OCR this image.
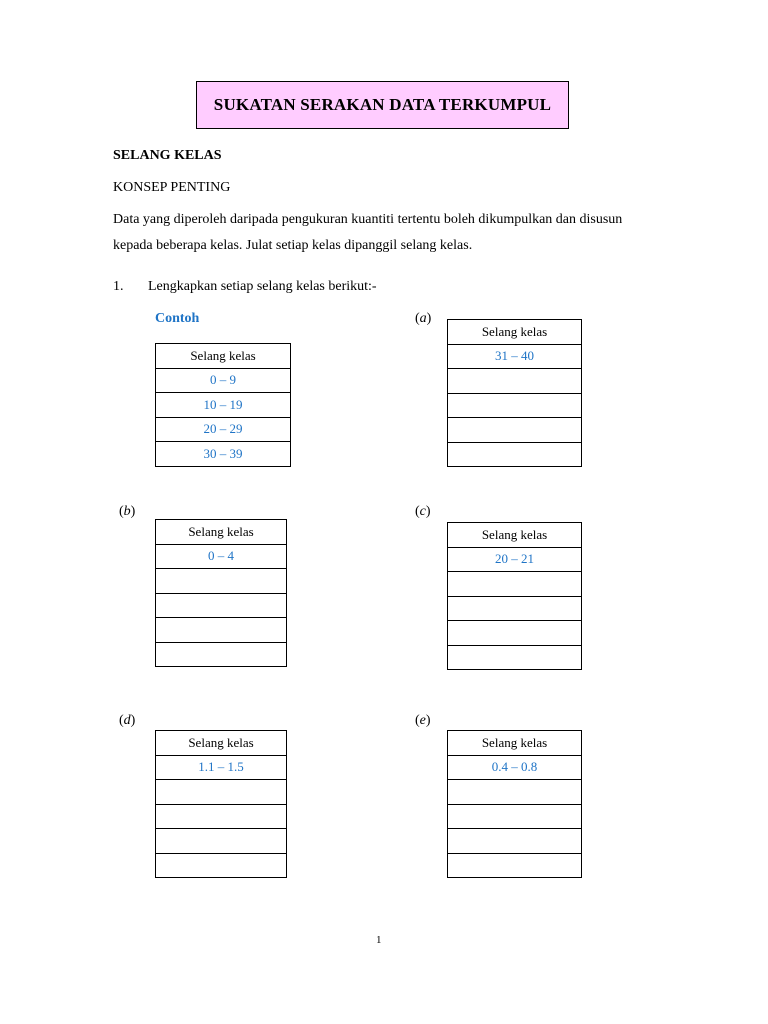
SUKATAN SERAKAN DATA TERKUMPUL
SELANG KELAS
KONSEP PENTING
Data yang diperoleh daripada pengukuran kuantiti tertentu boleh dikumpulkan dan disusun
kepada beberapa kelas. Julat setiap kelas dipanggil selang kelas.
1. Lengkapkan setiap selang kelas berikut:-
Contoh
Selang kelas
0 – 9
10 – 19
20 – 29
30 – 39
(a)
Selang kelas
31 – 40

(b)
Selang kelas
0 – 4

(c)
Selang kelas
20 – 21

(d)
Selang kelas
1.1 – 1.5

(e)
Selang kelas
0.4 – 0.8

1
